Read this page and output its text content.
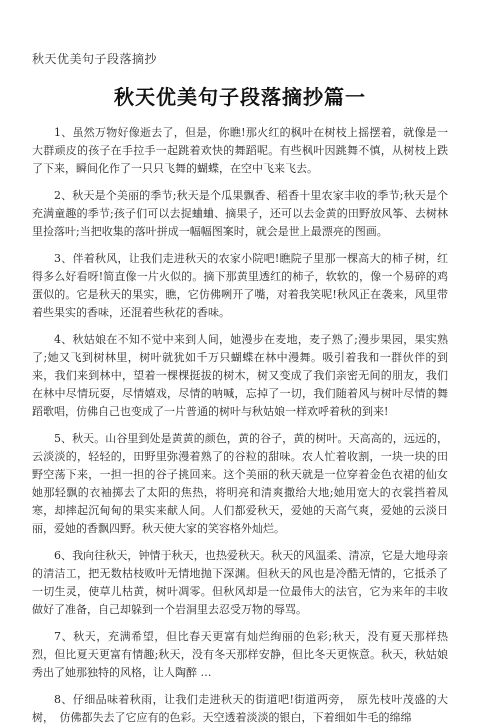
秋天优美句子段落摘抄
秋天优美句子段落摘抄篇一

1、虽然万物好像逝去了，但是，你瞧!那火红的枫叶在树枝上摇摆着，就像是一大群顽皮的孩子在手拉手一起跳着欢快的舞蹈呢。有些枫叶因跳舞不慎，从树枝上跌了下来，瞬间化作了一只只飞舞的蝴蝶，在空中飞来飞去。

2、秋天是个美丽的季节;秋天是个瓜果飘香、稻香十里农家丰收的季节;秋天是个充满童趣的季节;孩子们可以去捉蛐蛐、摘果子，还可以去金黄的田野放风筝、去树林里捡落叶;当把收集的落叶拼成一幅幅图案时，就会是世上最漂亮的图画。

3、伴着秋风，让我们走进秋天的农家小院吧!瞧院子里那一棵高大的柿子树，红得多么好看呀!简直像一片火似的。摘下那黄里透红的柿子，软软的，像一个易碎的鸡蛋似的。它是秋天的果实，瞧，它仿佛咧开了嘴，对着我笑呢!秋风正在袭来，风里带着些果实的香味，还混着些秋花的香味。

4、秋姑娘在不知不觉中来到人间，她漫步在麦地，麦子熟了;漫步果园，果实熟了;她又飞到树林里，树叶就犹如千万只蝴蝶在林中漫舞。吸引着我和一群伙伴的到来，我们来到林中，望着一棵棵挺拔的树木，树又变成了我们亲密无间的朋友，我们在林中尽情玩耍，尽情嬉戏，尽情的呐喊，忘掉了一切，我们随着风与树叶尽情的舞蹈歌唱，仿佛自己也变成了一片普通的树叶与秋姑娘一样欢呼着秋的到来!

5、秋天。山谷里到处是黄黄的颜色，黄的谷子，黄的树叶。天高高的，远远的，云淡淡的，轻轻的，田野里弥漫着熟了的谷粒的甜味。农人忙着收割，一块一块的田野空荡下来，一担一担的谷子挑回来。这个美丽的秋天就是一位穿着金色衣裙的仙女她那轻飘的衣袖掷去了太阳的焦热，将明亮和清爽撒给大地;她用宽大的衣裳挡着凤寒，却摔起沉甸甸的果实来献人间。人们都爱秋天，爱她的天高气爽，爱她的云淡日丽，爱她的香飘四野。秋天使大家的笑容格外灿烂。

6、我向往秋天，钟情于秋天，也热爱秋天。秋天的风温柔、清凉，它是大地母亲的清洁工，把无数枯枝败叶无情地抛下深渊。但秋天的风也是冷酷无情的，它抵杀了一切生灵，使草儿枯黄，树叶凋零。但秋风却是一位最伟大的法官，它为来年的丰收做好了准备，自己却躲到一个岩洞里去忍受万物的辱骂。

7、秋天，充满希望，但比春天更富有灿烂绚丽的色彩;秋天，没有夏天那样热烈，但比夏天更富有情趣;秋天，没有冬天那样安静，但比冬天更恢意。秋天，秋姑娘秀出了她那独特的风格，让人陶醉 …

8、仔细品味着秋雨，让我们走进秋天的街道吧!街道两旁，　原先枝叶茂盛的大　树，　仿佛都失去了它应有的色彩。天空透着淡淡的银白，下着细如牛毛的绵绵
